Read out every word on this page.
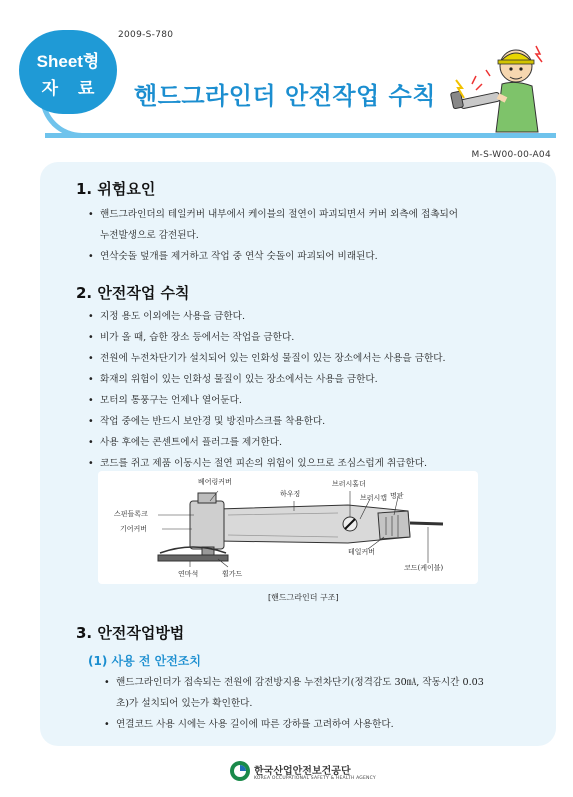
2009-S-780
Sheet형
자료 핸드그라인더 안전작업 수칙
M-S-W00-00-A04
1. 위험요인
• 핸드그라인더의 테일커버 내부에서 케이블의 절연이 파괴되면서 커버 외측에 접촉되어
누전발생으로 감전된다.
• 연삭숫돌 덮개를 제거하고 작업 중 연삭 숫돌이 파괴되어 비래된다.
2. 안전작업 수칙
• 지정 용도 이외에는 사용을 금한다.
• 비가 올 때, 습한 장소 등에서는 작업을 금한다.
• 전원에 누전차단기가 설치되어 있는 인화성 물질이 있는 장소에서는 사용을 금한다.
• 화재의 위험이 있는 인화성 물질이 있는 장소에서는 사용을 금한다.
• 모터의 통풍구는 언제나 열어둔다.
• 작업 중에는 반드시 보안경 및 방진마스크를 착용한다.
• 사용 후에는 콘센트에서 플러그를 제거한다.
• 코드를 쥐고 제품 이동시는 절연 피손의 위험이 있으므로 조심스럽게 취급한다.
베어링커버
하우징
브러시홀더
브러시캡 명판
스핀들록크
기어커버
테일커버
코드(케이블)
연마석	휠가드
[핸드그라인더 구조]
3. 안전작업방법
(1) 사용 전 안전조치
• 핸드그라인더가 접속되는 전원에 감전방지용 누전차단기(정격감도 30㎃, 작동시간 0.03
초)가 설치되어 있는가 확인한다.
• 연결코드 사용 시에는 사용 길이에 따른 강하를 고려하여 사용한다.
한국산업안전보건공단
KOREA OCCUPATIONAL SAFETY & HEALTH AGENCY
